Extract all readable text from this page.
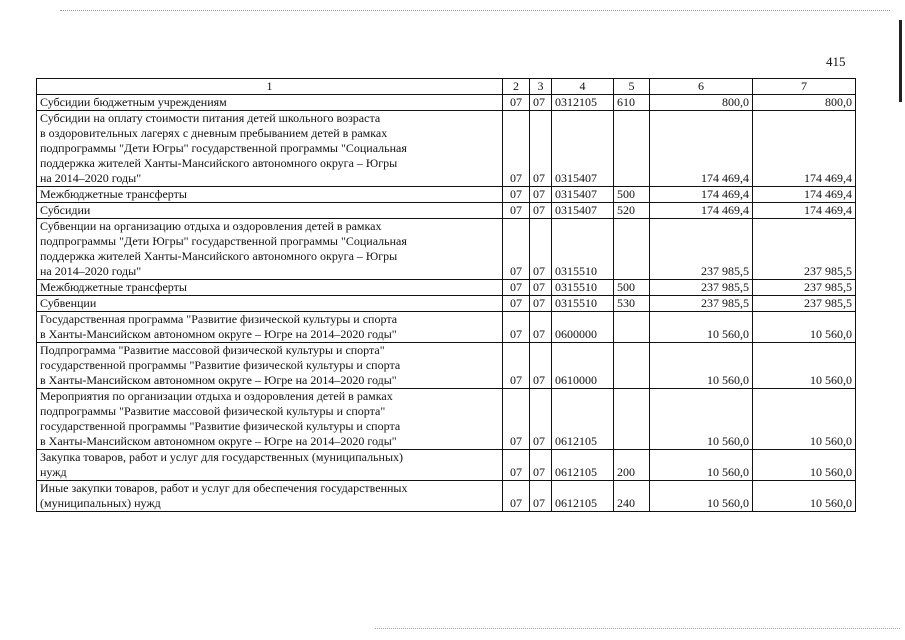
415
1	2	3	4	5	6	7

Субсидии бюджетным учреждениям	07	07	0312105	610	800,0	800,0

Субсидии на оплату стоимости питания детей школьного возраста
в оздоровительных лагерях с дневным пребыванием детей в рамках
подпрограммы "Дети Югры" государственной программы "Социальная
поддержка жителей Ханты-Мансийского автономного округа – Югры
на 2014–2020 годы"	07	07	0315407		174 469,4	174 469,4

Межбюджетные трансферты	07	07	0315407	500	174 469,4	174 469,4

Субсидии	07	07	0315407	520	174 469,4	174 469,4

Субвенции на организацию отдыха и оздоровления детей в рамках
подпрограммы "Дети Югры" государственной программы "Социальная
поддержка жителей Ханты-Мансийского автономного округа – Югры
на 2014–2020 годы"	07	07	0315510		237 985,5	237 985,5

Межбюджетные трансферты	07	07	0315510	500	237 985,5	237 985,5

Субвенции	07	07	0315510	530	237 985,5	237 985,5

Государственная программа "Развитие физической культуры и спорта
в Ханты-Мансийском автономном округе – Югре на 2014–2020 годы"	07	07	0600000		10 560,0	10 560,0

Подпрограмма "Развитие массовой физической культуры и спорта"
государственной программы "Развитие физической культуры и спорта
в Ханты-Мансийском автономном округе – Югре на 2014–2020 годы"	07	07	0610000		10 560,0	10 560,0

Мероприятия по организации отдыха и оздоровления детей в рамках
подпрограммы "Развитие массовой физической культуры и спорта"
государственной программы "Развитие физической культуры и спорта
в Ханты-Мансийском автономном округе – Югре на 2014–2020 годы"	07	07	0612105		10 560,0	10 560,0

Закупка товаров, работ и услуг для государственных (муниципальных)
нужд	07	07	0612105	200	10 560,0	10 560,0

Иные закупки товаров, работ и услуг для обеспечения государственных
(муниципальных) нужд	07	07	0612105	240	10 560,0	10 560,0
